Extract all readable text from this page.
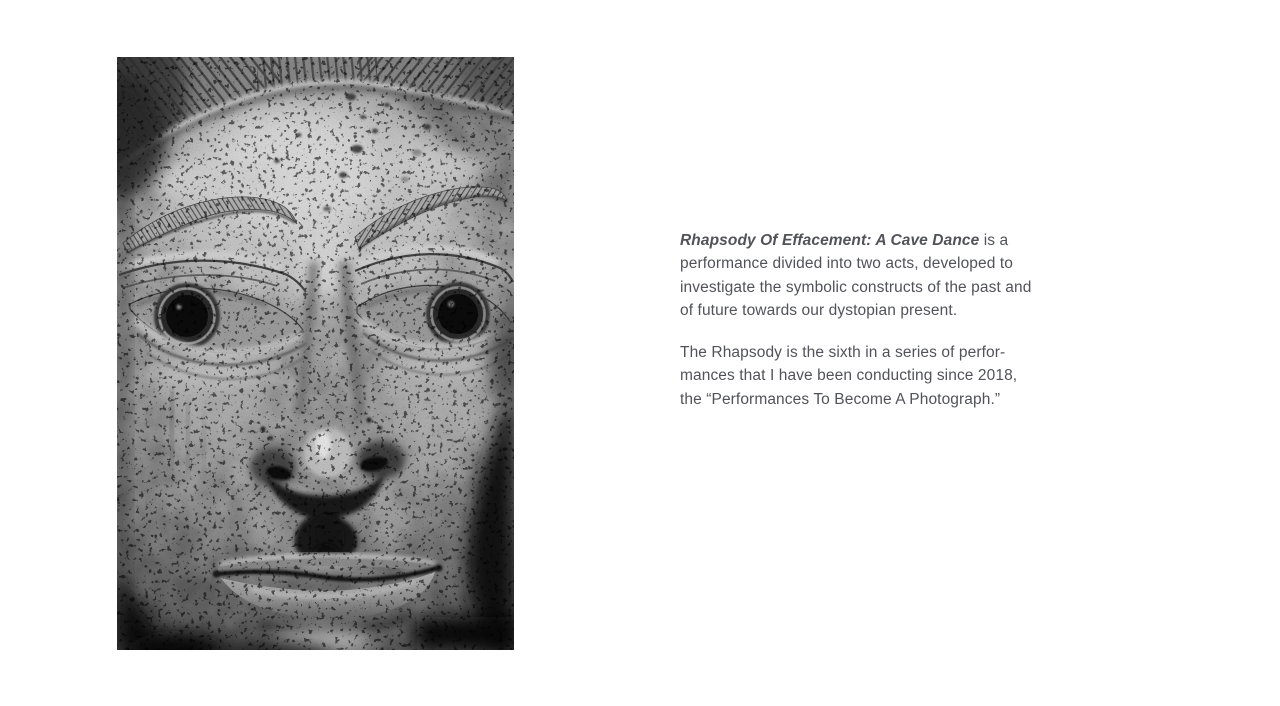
Rhapsody Of Effacement: A Cave Dance is a
performance divided into two acts, developed to
investigate the symbolic constructs of the past and
of future towards our dystopian present.
The Rhapsody is the sixth in a series of perfor-
mances that I have been conducting since 2018,
the “Performances To Become A Photograph.”
